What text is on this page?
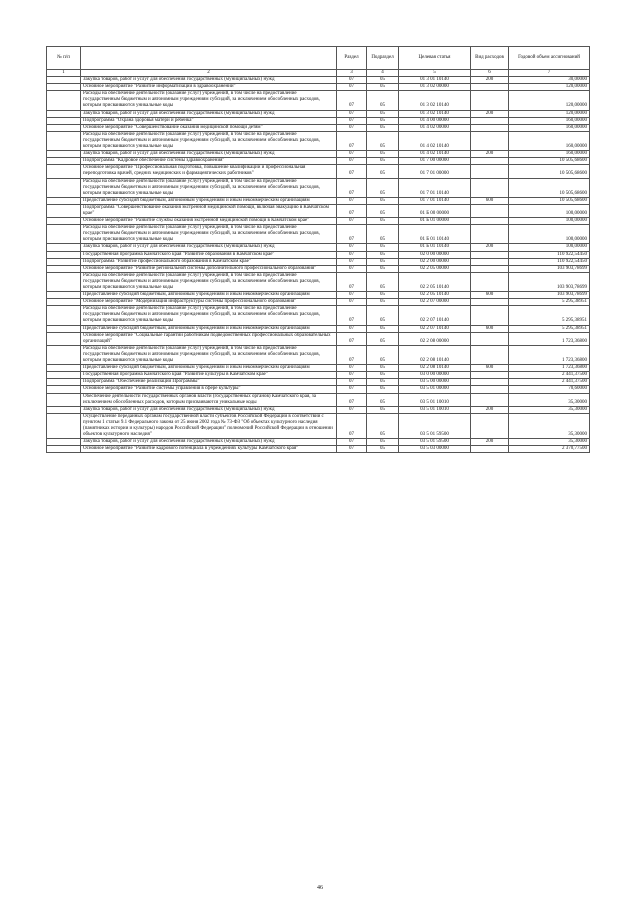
№ п/п		Раздел	Подраздел	Целевая статья	Вид расходов	Годовой объем ассигнований
1	2	3	4	5	6	7
	Закупка товаров, работ и услуг для обеспечения государственных (муниципальных) нужд	07	05	01 3 01 10140	200	30,00000
	Основное мероприятие "Развитие информатизации в здравоохранении"	07	05	01 3 02 00000		120,00000
	Расходы на обеспечение деятельности (оказание услуг) учреждений, в том числе на предоставление государственным бюджетным и автономным учреждениям субсидий, за исключением обособленных расходов, которым присваиваются уникальные коды	07	05	01 3 02 10140		120,00000
	Закупка товаров, работ и услуг для обеспечения государственных (муниципальных) нужд	07	05	01 3 02 10140	200	120,00000
	Подпрограмма "Охрана здоровья матери и ребенка"	07	05	01 4 00 00000		160,00000
	Основное мероприятие "Совершенствование оказания медицинской помощи детям"	07	05	01 4 02 00000		160,00000
	Расходы на обеспечение деятельности (оказание услуг) учреждений, в том числе на предоставление государственным бюджетным и автономным учреждениям субсидий, за исключением обособленных расходов, которым присваиваются уникальные коды	07	05	01 4 02 10140		160,00000
	Закупка товаров, работ и услуг для обеспечения государственных (муниципальных) нужд	07	05	01 4 02 10140	200	160,00000
	Подпрограмма "Кадровое обеспечение системы здравоохранения"	07	05	01 7 00 00000		10 505,68600
	Основное мероприятие "Профессиональная подготовка, повышение квалификации и профессиональная переподготовка врачей, средних медицинских и фармацевтических работников"	07	05	01 7 01 00000		10 505,68600
	Расходы на обеспечение деятельности (оказание услуг) учреждений, в том числе на предоставление государственным бюджетным и автономным учреждениям субсидий, за исключением обособленных расходов, которым присваиваются уникальные коды	07	05	01 7 01 10140		10 505,68600
	Предоставление субсидий бюджетным, автономным учреждениям и иным некоммерческим организациям	07	05	01 7 01 10140	600	10 505,68600
	Подпрограмма "Совершенствование оказания экстренной медицинской помощи, включая эвакуацию в Камчатском крае"	07	05	01 Б 00 00000		100,00000
	Основное мероприятие "Развитие службы оказания экстренной медицинской помощи в Камчатском крае"	07	05	01 Б 01 00000		100,00000
	Расходы на обеспечение деятельности (оказание услуг) учреждений, в том числе на предоставление государственным бюджетным и автономным учреждениям субсидий, за исключением обособленных расходов, которым присваиваются уникальные коды	07	05	01 Б 01 10140		100,00000
	Закупка товаров, работ и услуг для обеспечения государственных (муниципальных) нужд	07	05	01 Б 01 10140	200	100,00000
	Государственная программа Камчатского края "Развитие образования в Камчатском крае"	07	05	02 0 00 00000		110 922,54450
	Подпрограмма "Развитие профессионального образования в Камчатском крае"	07	05	02 2 00 00000		110 922,54450
	Основное мероприятие "Развитие региональной системы дополнительного профессионального образования"	07	05	02 2 05 00000		103 903,78699
	Расходы на обеспечение деятельности (оказание услуг) учреждений, в том числе на предоставление государственным бюджетным и автономным учреждениям субсидий, за исключением обособленных расходов, которым присваиваются уникальные коды	07	05	02 2 05 10140		103 903,78699
	Предоставление субсидий бюджетным, автономным учреждениям и иным некоммерческим организациям	07	05	02 2 05 10140	600	103 903,78699
	Основное мероприятие "Модернизация инфраструктуры системы профессионального образования"	07	05	02 2 07 00000		5 295,38951
	Расходы на обеспечение деятельности (оказание услуг) учреждений, в том числе на предоставление государственным бюджетным и автономным учреждениям субсидий, за исключением обособленных расходов, которым присваиваются уникальные коды	07	05	02 2 07 10140		5 295,38951
	Предоставление субсидий бюджетным, автономным учреждениям и иным некоммерческим организациям	07	05	02 2 07 10140	600	5 295,38951
	Основное мероприятие "Социальные гарантии работникам подведомственных профессиональных образовательных организаций"	07	05	02 2 08 00000		1 723,36800
	Расходы на обеспечение деятельности (оказание услуг) учреждений, в том числе на предоставление государственным бюджетным и автономным учреждениям субсидий, за исключением обособленных расходов, которым присваиваются уникальные коды	07	05	02 2 08 10140		1 723,36800
	Предоставление субсидий бюджетным, автономным учреждениям и иным некоммерческим организациям	07	05	02 2 08 10140	600	1 723,36800
	Государственная программа Камчатского края "Развитие культуры в Камчатском крае"	07	05	03 0 00 00000		2 441,37500
	Подпрограмма "Обеспечение реализации Программы"	07	05	03 5 00 00000		2 441,37500
	Основное мероприятие "Развитие системы управления в сфере культуры"	07	05	03 5 01 00000		70,60000
	Обеспечение деятельности государственных органов власти (государственных органов) Камчатского края, за исключением обособленных расходов, которым присваиваются уникальные коды	07	05	03 5 01 10010		35,30000
	Закупка товаров, работ и услуг для обеспечения государственных (муниципальных) нужд	07	05	03 5 01 10010	200	35,30000
	Осуществление переданных органам государственной власти субъектов Российской Федерации в соответствии с пунктом 1 статьи 9.1 Федерального закона от 25 июня 2002 года № 73-ФЗ "Об объектах культурного наследия (памятниках истории и культуры) народов Российской Федерации" полномочий Российской Федерации в отношении объектов культурного наследия"	07	05	03 5 01 59500		35,30000
	Закупка товаров, работ и услуг для обеспечения государственных (муниципальных) нужд	07	05	03 5 01 59500	200	35,30000
	Основное мероприятие "Развитие кадрового потенциала в учреждениях культуры Камчатского края"	07	05	03 5 03 00000		2 370,77500
46
